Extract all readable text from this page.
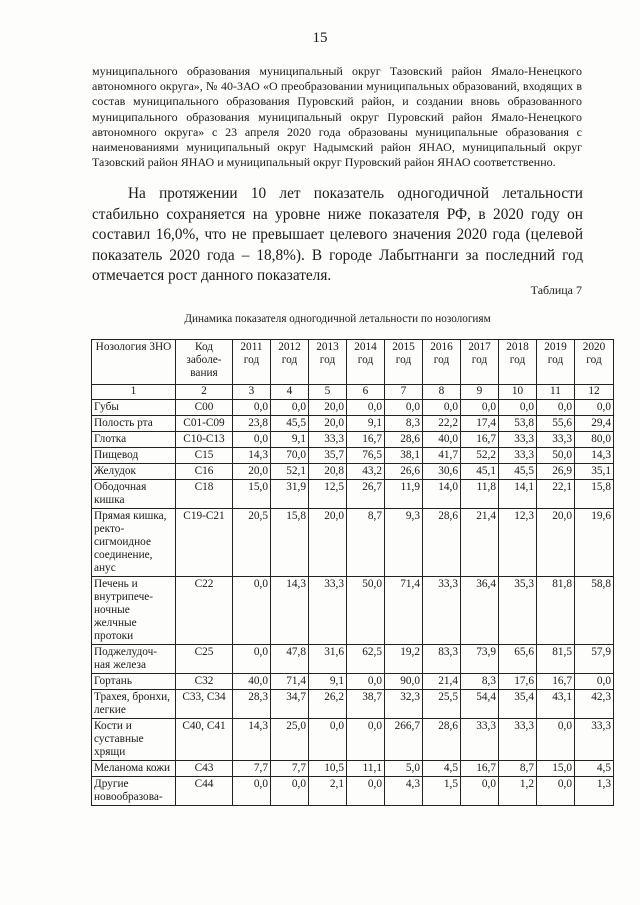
15
муниципального образования муниципальный округ Тазовский район Ямало-Ненецкого автономного округа», № 40-ЗАО «О преобразовании муниципальных образований, входящих в состав муниципального образования Пуровский район, и создании вновь образованного муниципального образования муниципальный округ Пуровский район Ямало-Ненецкого автономного округа» с 23 апреля 2020 года образованы муниципальные образования с наименованиями муниципальный округ Надымский район ЯНАО, муниципальный округ Тазовский район ЯНАО и муниципальный округ Пуровский район ЯНАО соответственно.
На протяжении 10 лет показатель одногодичной летальности стабильно сохраняется на уровне ниже показателя РФ, в 2020 году он составил 16,0%, что не превышает целевого значения 2020 года (целевой показатель 2020 года – 18,8%). В городе Лабытнанги за последний год отмечается рост данного показателя.
Таблица 7
Динамика показателя одногодичной летальности по нозологиям
Нозология ЗНО	Код заболе-вания	2011 год	2012 год	2013 год	2014 год	2015 год	2016 год	2017 год	2018 год	2019 год	2020 год
1	2	3	4	5	6	7	8	9	10	11	12
Губы	С00	0,0	0,0	20,0	0,0	0,0	0,0	0,0	0,0	0,0	0,0
Полость рта	С01-С09	23,8	45,5	20,0	9,1	8,3	22,2	17,4	53,8	55,6	29,4
Глотка	С10-С13	0,0	9,1	33,3	16,7	28,6	40,0	16,7	33,3	33,3	80,0
Пищевод	С15	14,3	70,0	35,7	76,5	38,1	41,7	52,2	33,3	50,0	14,3
Желудок	С16	20,0	52,1	20,8	43,2	26,6	30,6	45,1	45,5	26,9	35,1
Ободочная кишка	С18	15,0	31,9	12,5	26,7	11,9	14,0	11,8	14,1	22,1	15,8
Прямая кишка, ректо-сигмоидное соединение, анус	С19-С21	20,5	15,8	20,0	8,7	9,3	28,6	21,4	12,3	20,0	19,6
Печень и внутрипече-ночные желчные протоки	С22	0,0	14,3	33,3	50,0	71,4	33,3	36,4	35,3	81,8	58,8
Поджелудоч-ная железа	С25	0,0	47,8	31,6	62,5	19,2	83,3	73,9	65,6	81,5	57,9
Гортань	С32	40,0	71,4	9,1	0,0	90,0	21,4	8,3	17,6	16,7	0,0
Трахея, бронхи, легкие	С33, С34	28,3	34,7	26,2	38,7	32,3	25,5	54,4	35,4	43,1	42,3
Кости и суставные хрящи	С40, С41	14,3	25,0	0,0	0,0	266,7	28,6	33,3	33,3	0,0	33,3
Меланома кожи	С43	7,7	7,7	10,5	11,1	5,0	4,5	16,7	8,7	15,0	4,5
Другие новообразова-	С44	0,0	0,0	2,1	0,0	4,3	1,5	0,0	1,2	0,0	1,3
